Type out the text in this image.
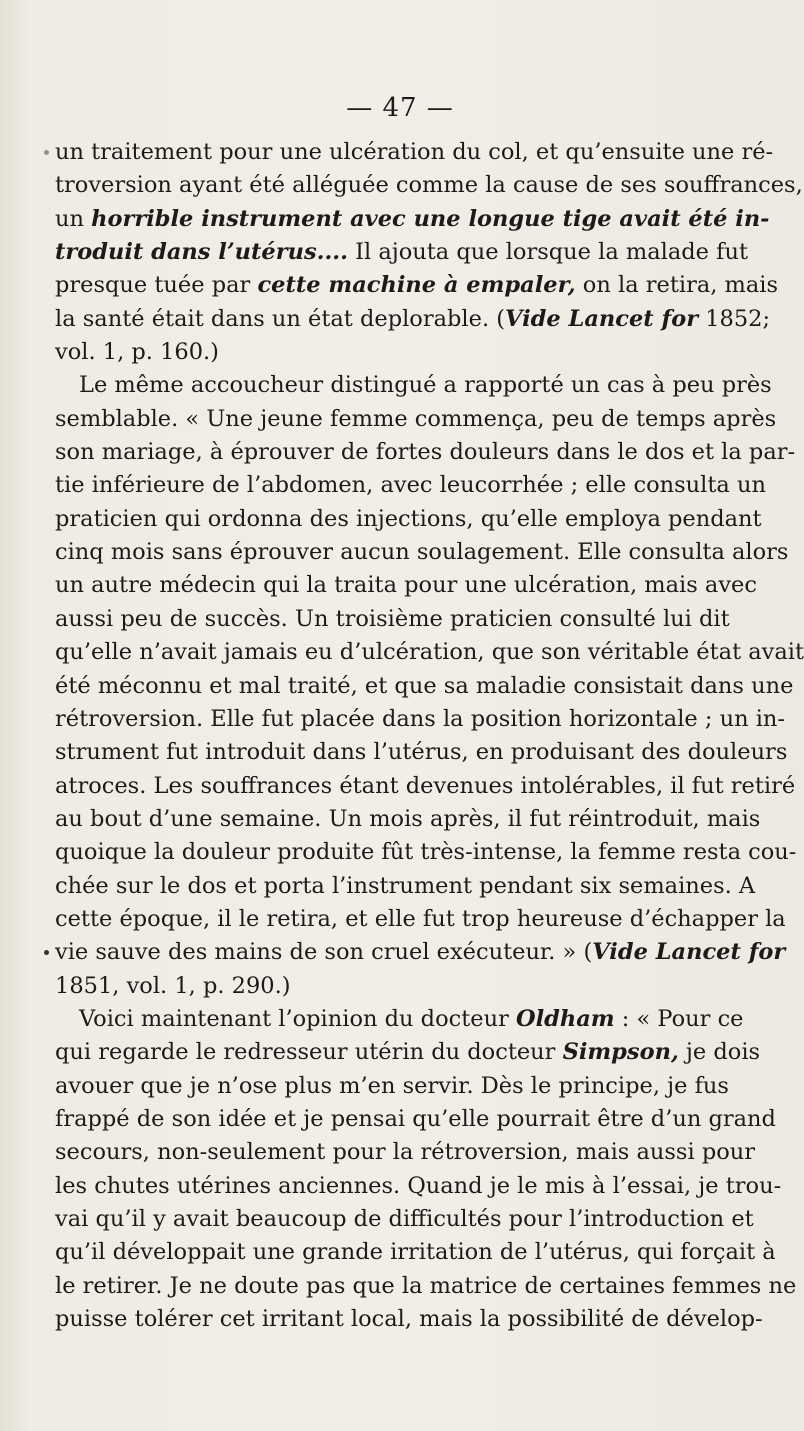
— 47 —
un traitement pour une ulcération du col, et qu’ensuite une ré-
troversion ayant été alléguée comme la cause de ses souffrances,
un horrible instrument avec une longue tige avait été in-
troduit dans l’utérus.... Il ajouta que lorsque la malade fut
presque tuée par cette machine à empaler, on la retira, mais
la santé était dans un état deplorable. (Vide Lancet for 1852;
vol. 1, p. 160.)
Le même accoucheur distingué a rapporté un cas à peu près
semblable. « Une jeune femme commença, peu de temps après
son mariage, à éprouver de fortes douleurs dans le dos et la par-
tie inférieure de l’abdomen, avec leucorrhée ; elle consulta un
praticien qui ordonna des injections, qu’elle employa pendant
cinq mois sans éprouver aucun soulagement. Elle consulta alors
un autre médecin qui la traita pour une ulcération, mais avec
aussi peu de succès. Un troisième praticien consulté lui dit
qu’elle n’avait jamais eu d’ulcération, que son véritable état avait
été méconnu et mal traité, et que sa maladie consistait dans une
rétroversion. Elle fut placée dans la position horizontale ; un in-
strument fut introduit dans l’utérus, en produisant des douleurs
atroces. Les souffrances étant devenues intolérables, il fut retiré
au bout d’une semaine. Un mois après, il fut réintroduit, mais
quoique la douleur produite fût très-intense, la femme resta cou-
chée sur le dos et porta l’instrument pendant six semaines. A
cette époque, il le retira, et elle fut trop heureuse d’échapper la
vie sauve des mains de son cruel exécuteur. » (Vide Lancet for
1851, vol. 1, p. 290.)
Voici maintenant l’opinion du docteur Oldham : « Pour ce
qui regarde le redresseur utérin du docteur Simpson, je dois
avouer que je n’ose plus m’en servir. Dès le principe, je fus
frappé de son idée et je pensai qu’elle pourrait être d’un grand
secours, non-seulement pour la rétroversion, mais aussi pour
les chutes utérines anciennes. Quand je le mis à l’essai, je trou-
vai qu’il y avait beaucoup de difficultés pour l’introduction et
qu’il développait une grande irritation de l’utérus, qui forçait à
le retirer. Je ne doute pas que la matrice de certaines femmes ne
puisse tolérer cet irritant local, mais la possibilité de dévelop-
